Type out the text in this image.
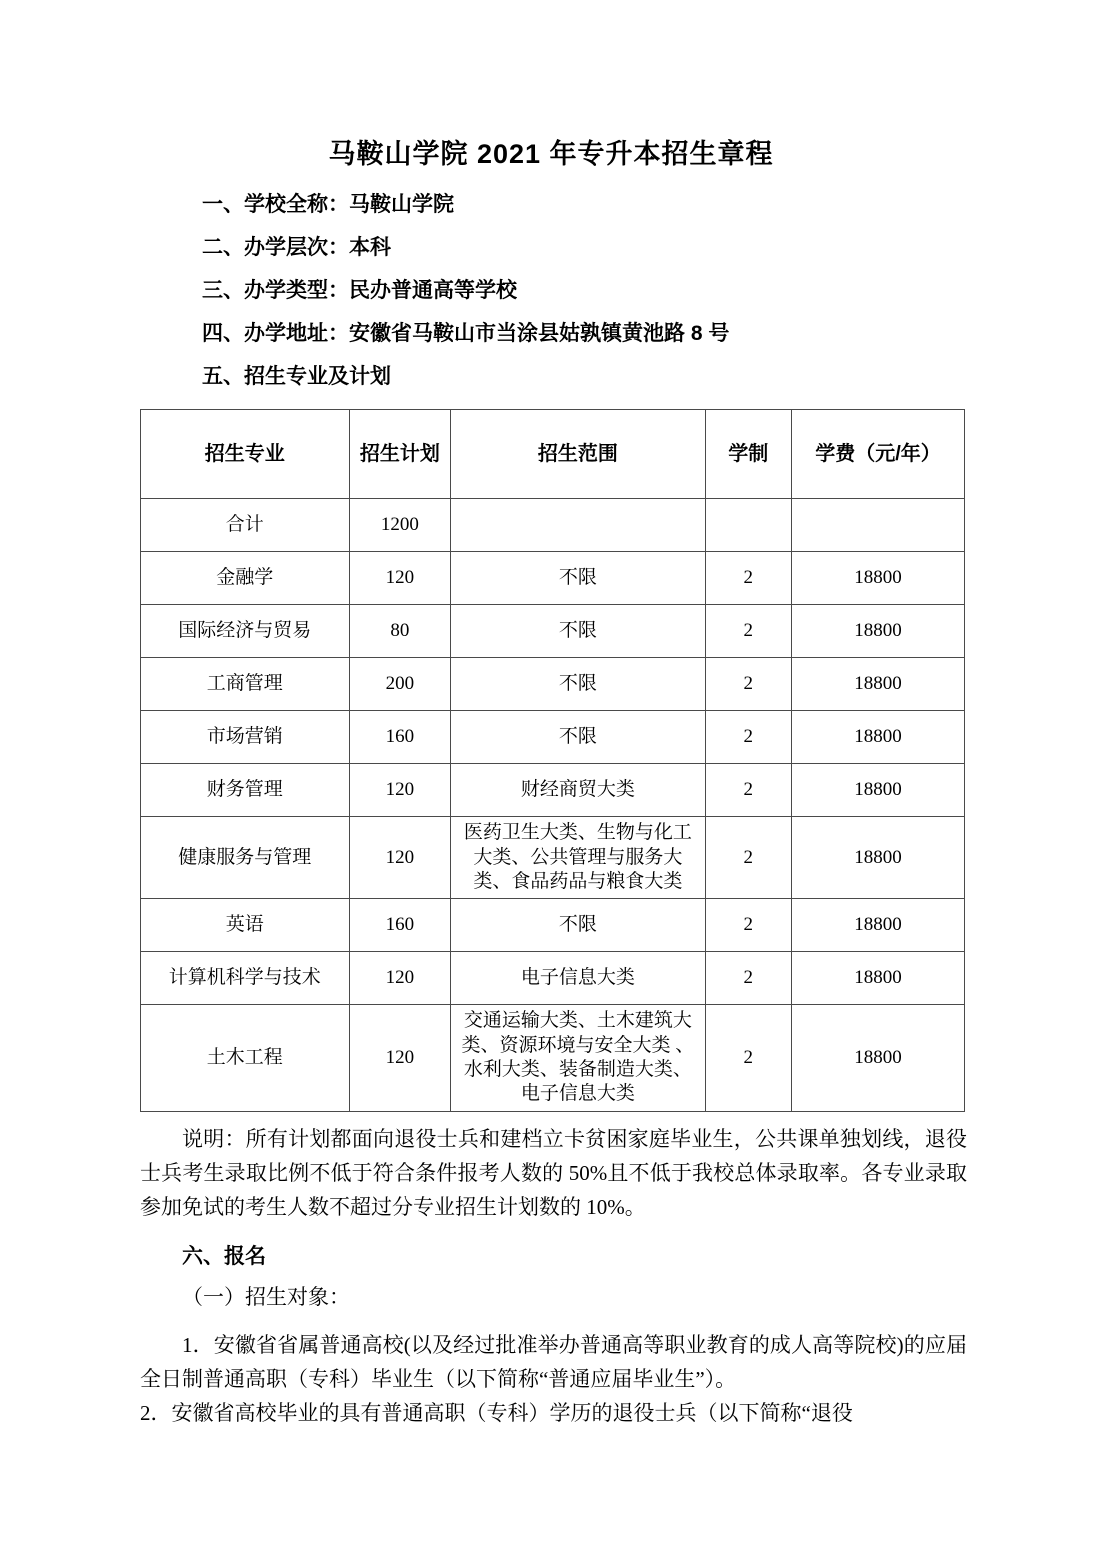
马鞍山学院 2021 年专升本招生章程

一、学校全称：马鞍山学院

二、办学层次：本科

三、办学类型：民办普通高等学校

四、办学地址：安徽省马鞍山市当涂县姑孰镇黄池路 8 号

五、招生专业及计划

招生专业	招生计划	招生范围	学制	学费（元/年）
合计	1200			
金融学	120	不限	2	18800
国际经济与贸易	80	不限	2	18800
工商管理	200	不限	2	18800
市场营销	160	不限	2	18800
财务管理	120	财经商贸大类	2	18800
健康服务与管理	120	医药卫生大类、生物与化工大类、公共管理与服务大类、食品药品与粮食大类	2	18800
英语	160	不限	2	18800
计算机科学与技术	120	电子信息大类	2	18800
土木工程	120	交通运输大类、土木建筑大类、资源环境与安全大类 、水利大类、装备制造大类、电子信息大类	2	18800

说明：所有计划都面向退役士兵和建档立卡贫困家庭毕业生，公共课单独划线，退役士兵考生录取比例不低于符合条件报考人数的 50%且不低于我校总体录取率。各专业录取参加免试的考生人数不超过分专业招生计划数的 10%。

六、报名

（一）招生对象：

1．安徽省省属普通高校(以及经过批准举办普通高等职业教育的成人高等院校)的应届全日制普通高职（专科）毕业生（以下简称“普通应届毕业生”）。

2．安徽省高校毕业的具有普通高职（专科）学历的退役士兵（以下简称“退役
